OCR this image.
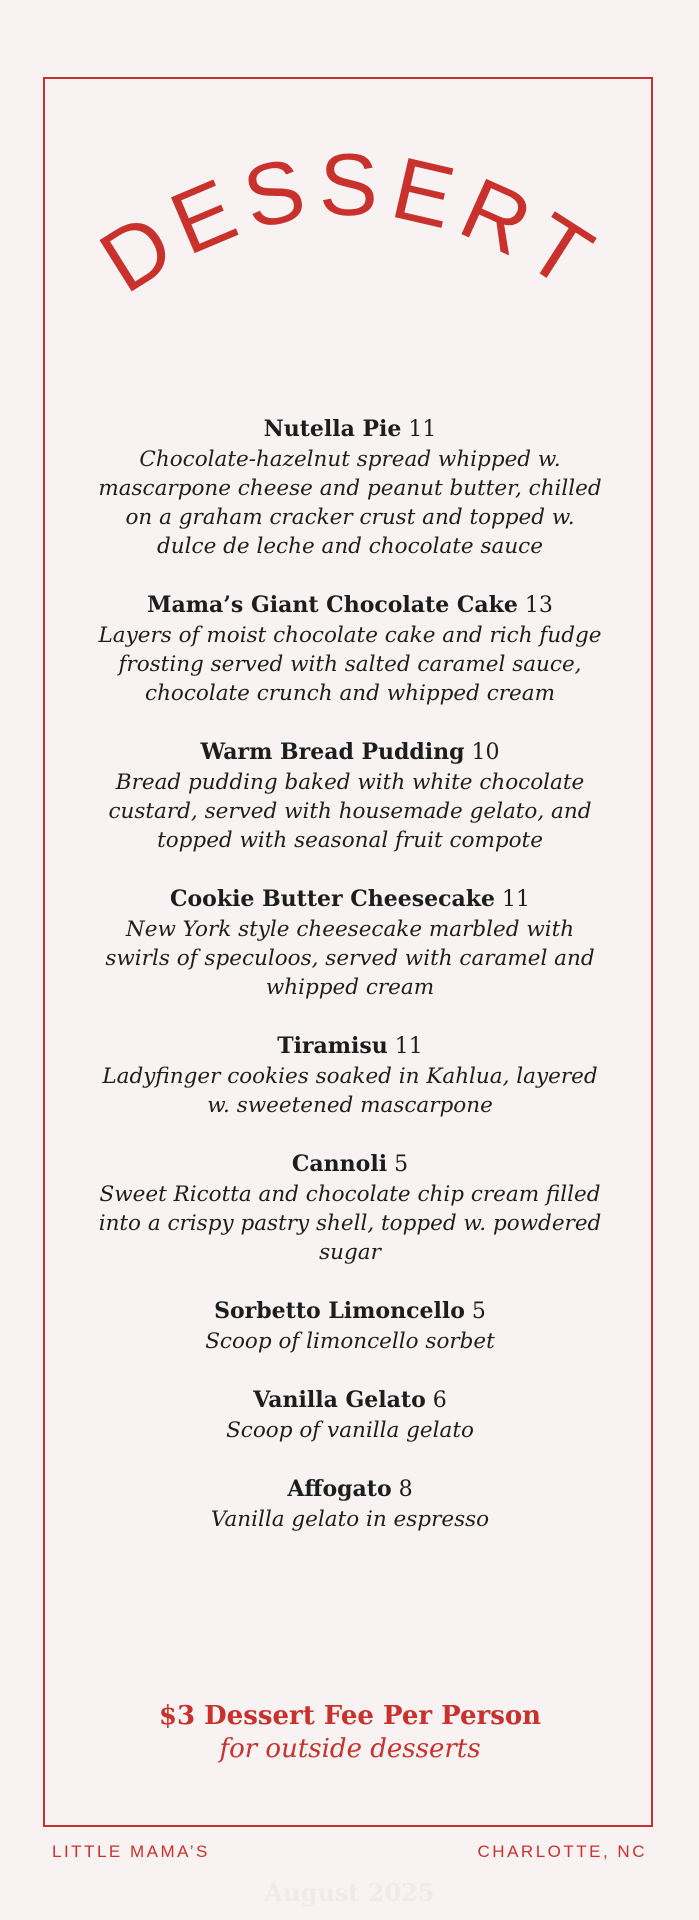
DESSERT
Nutella Pie 11
Chocolate-hazelnut spread whipped w. mascarpone cheese and peanut butter, chilled on a graham cracker crust and topped w. dulce de leche and chocolate sauce
Mama’s Giant Chocolate Cake 13
Layers of moist chocolate cake and rich fudge frosting served with salted caramel sauce, chocolate crunch and whipped cream
Warm Bread Pudding 10
Bread pudding baked with white chocolate custard, served with housemade gelato, and topped with seasonal fruit compote
Cookie Butter Cheesecake 11
New York style cheesecake marbled with swirls of speculoos, served with caramel and whipped cream
Tiramisu 11
Ladyfinger cookies soaked in Kahlua, layered w. sweetened mascarpone
Cannoli 5
Sweet Ricotta and chocolate chip cream filled into a crispy pastry shell, topped w. powdered sugar
Sorbetto Limoncello 5
Scoop of limoncello sorbet
Vanilla Gelato 6
Scoop of vanilla gelato
Affogato 8
Vanilla gelato in espresso
$3 Dessert Fee Per Person
for outside desserts
LITTLE MAMA’S	CHARLOTTE, NC
August 2025
